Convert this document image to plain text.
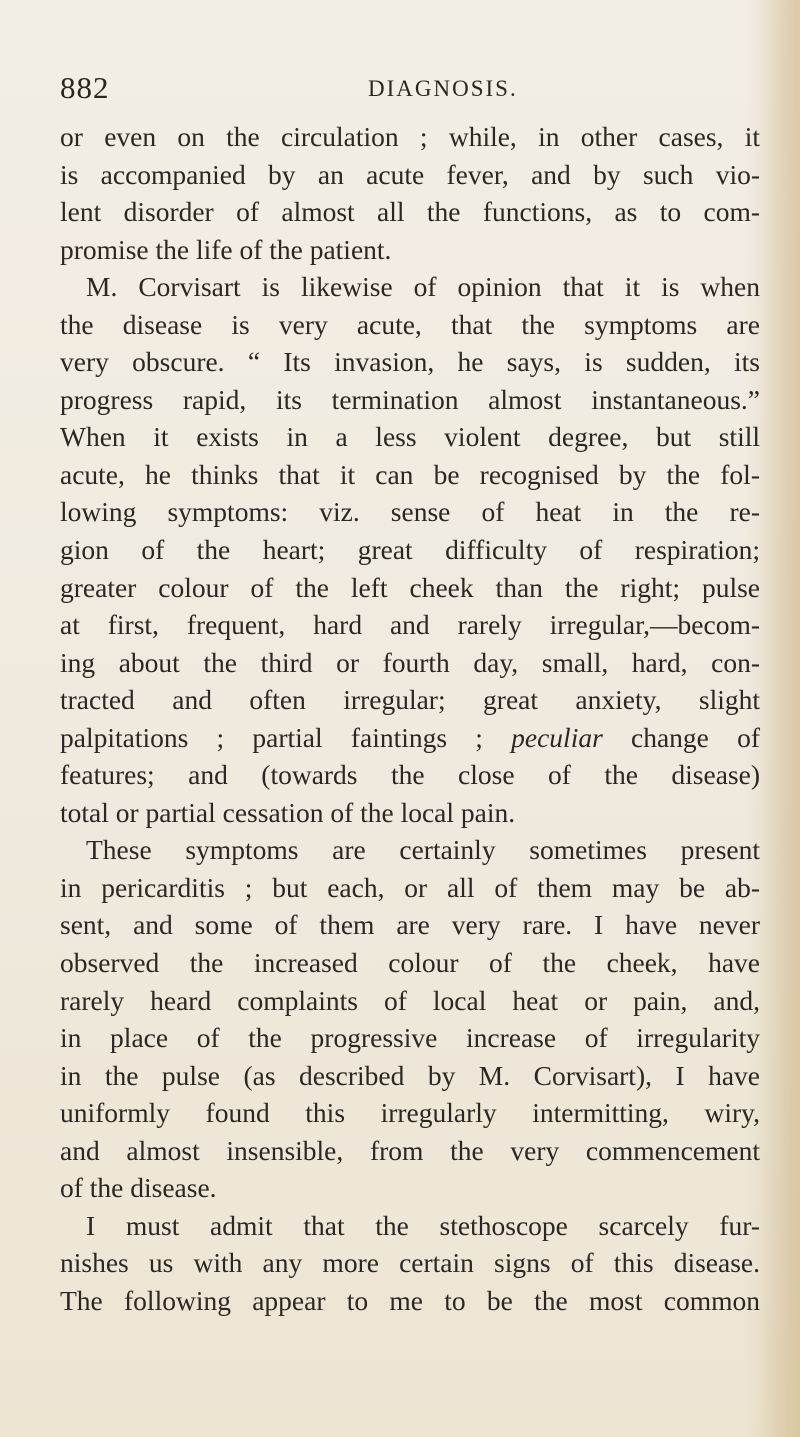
882	DIAGNOSIS.
or even on the circulation ; while, in other cases, it
is accompanied by an acute fever, and by such vio-
lent disorder of almost all the functions, as to com-
promise the life of the patient.
M. Corvisart is likewise of opinion that it is when
the disease is very acute, that the symptoms are
very obscure. “ Its invasion, he says, is sudden, its
progress rapid, its termination almost instantaneous.”
When it exists in a less violent degree, but still
acute, he thinks that it can be recognised by the fol-
lowing symptoms: viz. sense of heat in the re-
gion of the heart; great difficulty of respiration;
greater colour of the left cheek than the right; pulse
at first, frequent, hard and rarely irregular,—becom-
ing about the third or fourth day, small, hard, con-
tracted and often irregular; great anxiety, slight
palpitations ; partial faintings ; peculiar change of
features; and (towards the close of the disease)
total or partial cessation of the local pain.
These symptoms are certainly sometimes present
in pericarditis ; but each, or all of them may be ab-
sent, and some of them are very rare. I have never
observed the increased colour of the cheek, have
rarely heard complaints of local heat or pain, and,
in place of the progressive increase of irregularity
in the pulse (as described by M. Corvisart), I have
uniformly found this irregularly intermitting, wiry,
and almost insensible, from the very commencement
of the disease.
I must admit that the stethoscope scarcely fur-
nishes us with any more certain signs of this disease.
The following appear to me to be the most common
